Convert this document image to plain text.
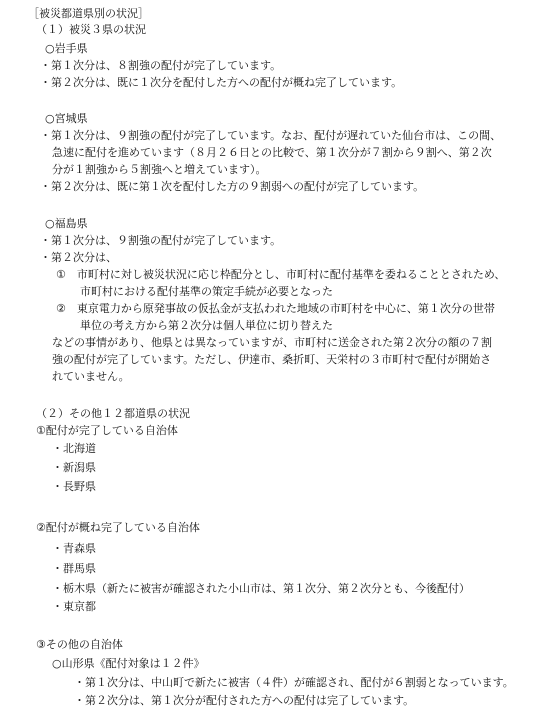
［被災都道県別の状況］
（１）被災３県の状況
○岩手県
・第１次分は、８割強の配付が完了しています。
・第２次分は、既に１次分を配付した方への配付が概ね完了しています。
○宮城県
・第１次分は、９割強の配付が完了しています。なお、配付が遅れていた仙台市は、この間、
急速に配付を進めています（８月２６日との比較で、第１次分が７割から９割へ、第２次
分が１割強から５割強へと増えています）。
・第２次分は、既に第１次を配付した方の９割弱への配付が完了しています。
○福島県
・第１次分は、９割強の配付が完了しています。
・第２次分は、
①　市町村に対し被災状況に応じ枠配分とし、市町村に配付基準を委ねることとされため、
市町村における配付基準の策定手続が必要となった
②　東京電力から原発事故の仮払金が支払われた地域の市町村を中心に、第１次分の世帯
単位の考え方から第２次分は個人単位に切り替えた
などの事情があり、他県とは異なっていますが、市町村に送金された第２次分の額の７割
強の配付が完了しています。ただし、伊達市、桑折町、天栄村の３市町村で配付が開始さ
れていません。
（２）その他１２都道県の状況
①配付が完了している自治体
・北海道
・新潟県
・長野県
②配付が概ね完了している自治体
・青森県
・群馬県
・栃木県（新たに被害が確認された小山市は、第１次分、第２次分とも、今後配付）
・東京都
③その他の自治体
○山形県《配付対象は１２件》
・第１次分は、中山町で新たに被害（４件）が確認され、配付が６割弱となっています。
・第２次分は、第１次分が配付された方への配付は完了しています。
